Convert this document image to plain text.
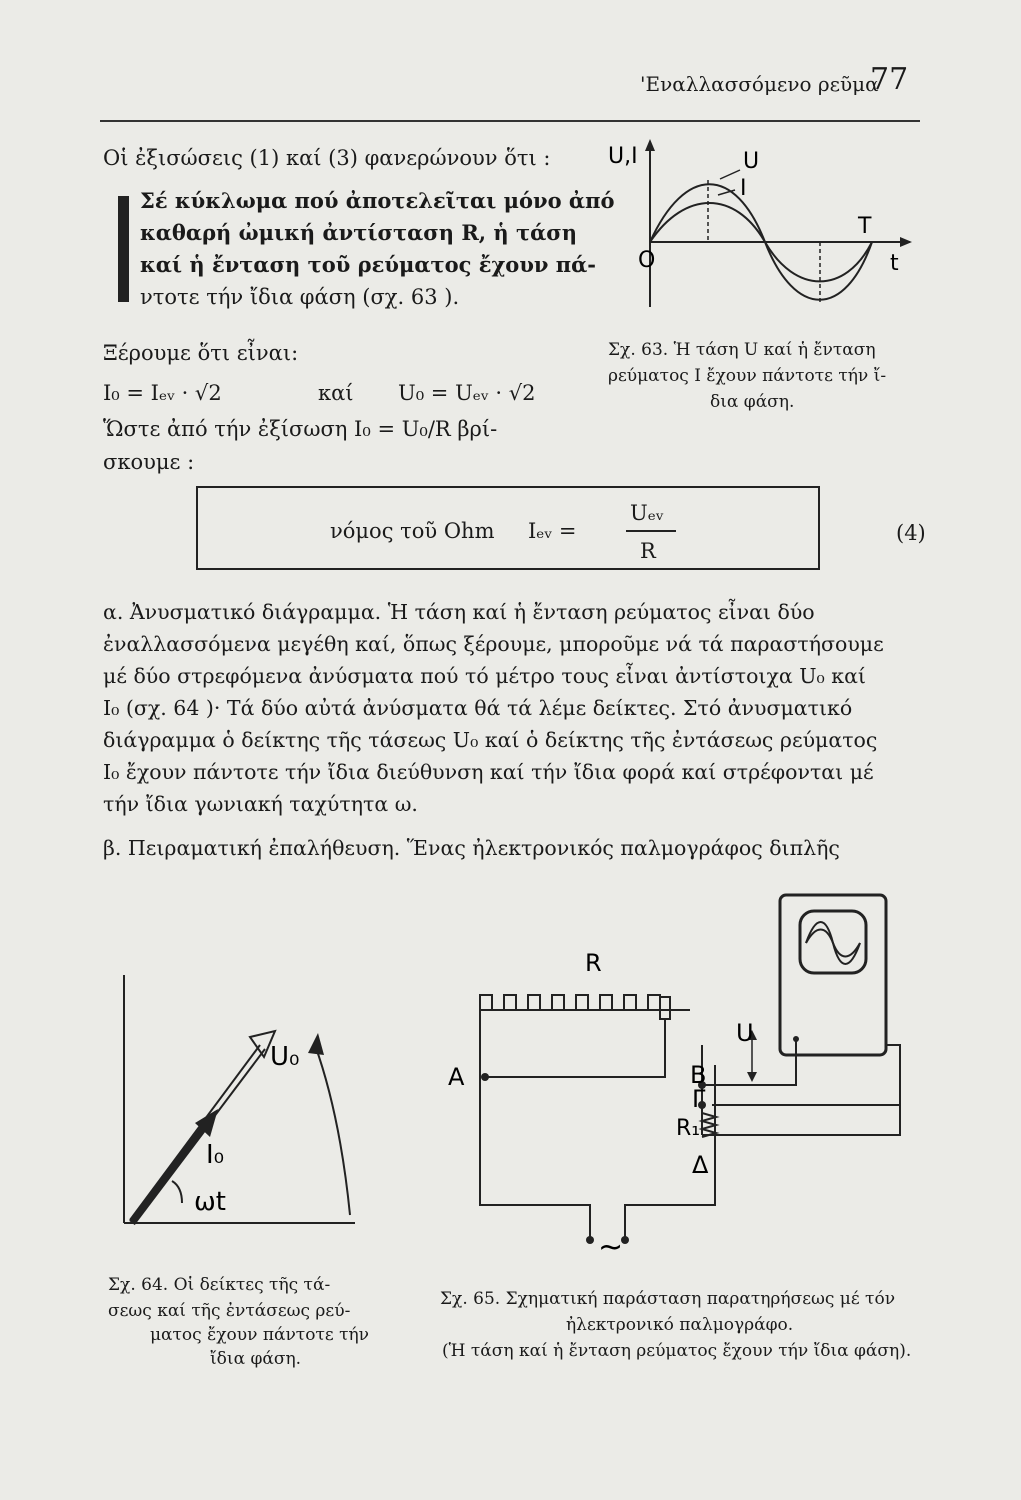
'Εναλλασσόμενο ρεῦμα
77
Οἱ ἐξισώσεις (1) καί (3) φανερώνουν ὅτι :
Σέ κύκλωμα πού ἀποτελεῖται μόνο ἀπό
καθαρή ὠμική ἀντίσταση R, ἡ τάση
καί ἡ ἔνταση τοῦ ρεύματος ἔχουν πά-
ντοτε τήν ἴδια φάση (σχ. 63 ).
Ξέρουμε ὅτι εἶναι:
I₀ = Iₑᵥ · √2	καί U₀ = Uₑᵥ · √2
Ὥστε ἀπό τήν ἐξίσωση I₀ = U₀/R βρί-
σκουμε :
νόμος τοῦ Ohm Iₑᵥ =
Uₑᵥ
R
(4)
U,I
t
O
T
U
I
Σχ. 63. Ἡ τάση U καί ἡ ἔνταση
ρεύματος I ἔχουν πάντοτε τήν ἴ-
δια φάση.
α. Ἀνυσματικό διάγραμμα. Ἡ τάση καί ἡ ἔνταση ρεύματος εἶναι δύο
ἐναλλασσόμενα μεγέθη καί, ὅπως ξέρουμε, μποροῦμε νά τά παραστήσουμε
μέ δύο στρεφόμενα ἀνύσματα πού τό μέτρο τους εἶναι ἀντίστοιχα U₀ καί
I₀ (σχ. 64 )· Τά δύο αὐτά ἀνύσματα θά τά λέμε δείκτες. Στό ἀνυσματικό
διάγραμμα ὁ δείκτης τῆς τάσεως U₀ καί ὁ δείκτης τῆς ἐντάσεως ρεύματος
I₀ ἔχουν πάντοτε τήν ἴδια διεύθυνση καί τήν ἴδια φορά καί στρέφονται μέ
τήν ἴδια γωνιακή ταχύτητα ω.
β. Πειραματική ἐπαλήθευση. Ἕνας ἠλεκτρονικός παλμογράφος διπλῆς
U₀
I₀
ωt
Σχ. 64. Οἱ δείκτες τῆς τά-
σεως καί τῆς ἐντάσεως ρεύ-
ματος ἔχουν πάντοτε τήν
ἴδια φάση.
R
A	B
Γ
R₁
Δ
U
~
Σχ. 65. Σχηματική παράσταση παρατηρήσεως μέ τόν
ἠλεκτρονικό παλμογράφο.
(Ἡ τάση καί ἡ ἔνταση ρεύματος ἔχουν τήν ἴδια φάση).
